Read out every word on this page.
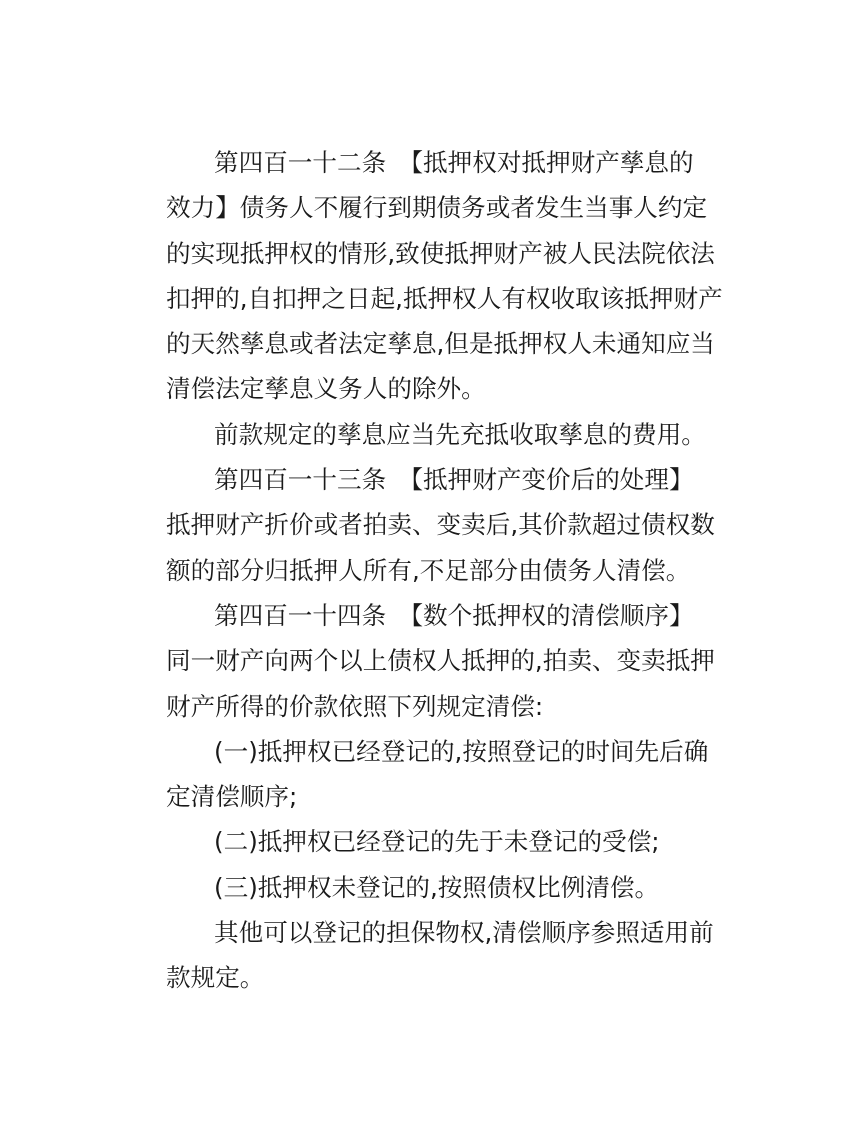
第四百一十二条　【抵押权对抵押财产孳息的
效力】债务人不履行到期债务或者发生当事人约定
的实现抵押权的情形,致使抵押财产被人民法院依法
扣押的,自扣押之日起,抵押权人有权收取该抵押财产
的天然孳息或者法定孳息,但是抵押权人未通知应当
清偿法定孳息义务人的除外。
前款规定的孳息应当先充抵收取孳息的费用。
第四百一十三条　【抵押财产变价后的处理】
抵押财产折价或者拍卖、变卖后,其价款超过债权数
额的部分归抵押人所有,不足部分由债务人清偿。
第四百一十四条　【数个抵押权的清偿顺序】
同一财产向两个以上债权人抵押的,拍卖、变卖抵押
财产所得的价款依照下列规定清偿:
(一)抵押权已经登记的,按照登记的时间先后确
定清偿顺序;
(二)抵押权已经登记的先于未登记的受偿;
(三)抵押权未登记的,按照债权比例清偿。
其他可以登记的担保物权,清偿顺序参照适用前
款规定。
